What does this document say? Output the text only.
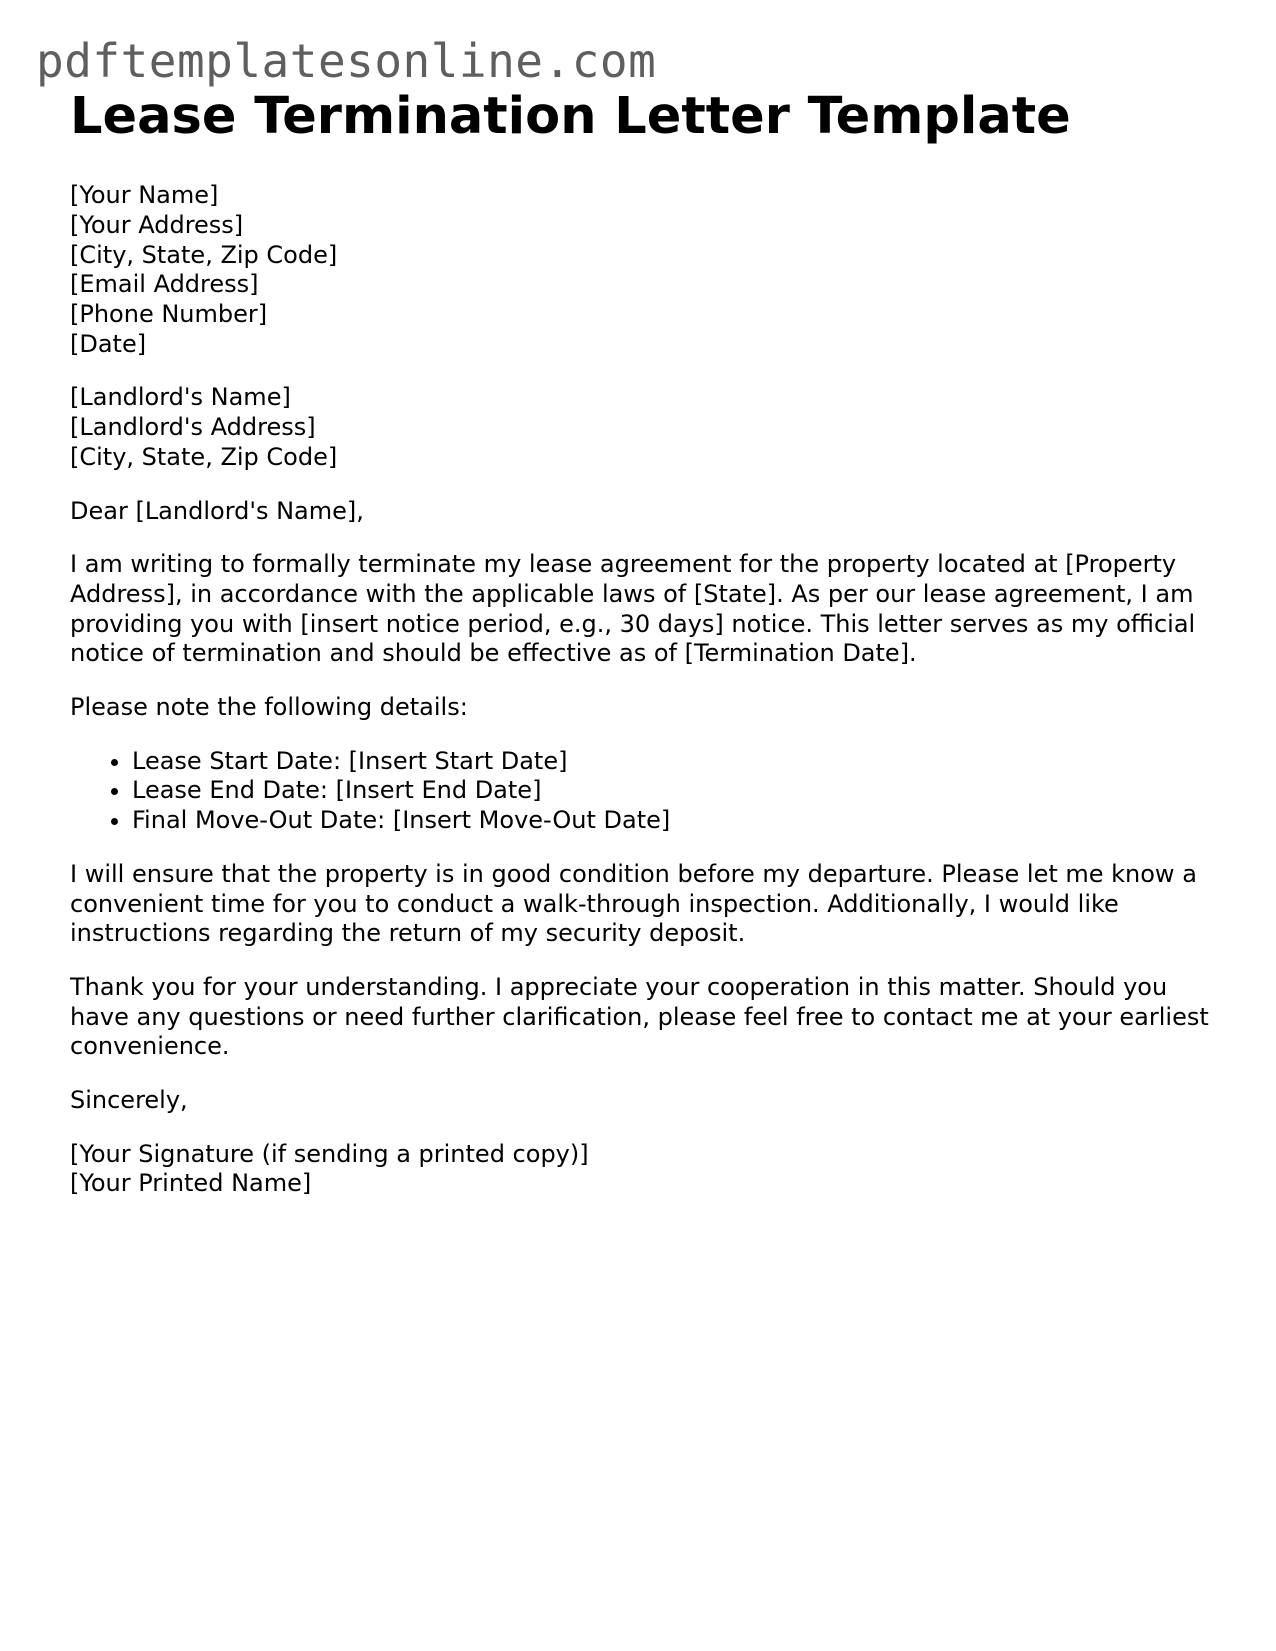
pdftemplatesonline.com
Lease Termination Letter Template
[Your Name]
[Your Address]
[City, State, Zip Code]
[Email Address]
[Phone Number]
[Date]
[Landlord's Name]
[Landlord's Address]
[City, State, Zip Code]

Dear [Landlord's Name],

I am writing to formally terminate my lease agreement for the property located at [Property Address], in accordance with the applicable laws of [State]. As per our lease agreement, I am providing you with [insert notice period, e.g., 30 days] notice. This letter serves as my official notice of termination and should be effective as of [Termination Date].

Please note the following details:

• Lease Start Date: [Insert Start Date]
• Lease End Date: [Insert End Date]
• Final Move-Out Date: [Insert Move-Out Date]

I will ensure that the property is in good condition before my departure. Please let me know a convenient time for you to conduct a walk-through inspection. Additionally, I would like instructions regarding the return of my security deposit.

Thank you for your understanding. I appreciate your cooperation in this matter. Should you have any questions or need further clarification, please feel free to contact me at your earliest convenience.

Sincerely,

[Your Signature (if sending a printed copy)]
[Your Printed Name]
